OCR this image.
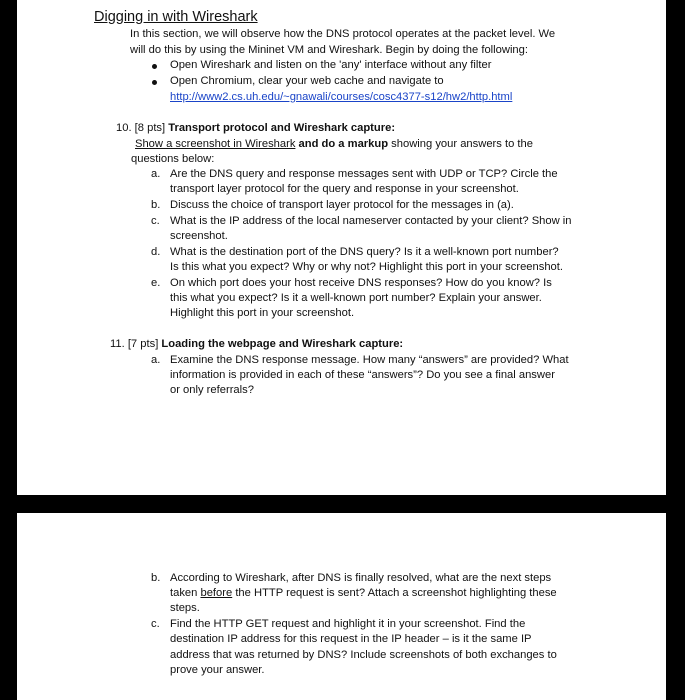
Digging in with Wireshark
In this section, we will observe how the DNS protocol operates at the packet level. We
will do this by using the Mininet VM and Wireshark. Begin by doing the following:
Open Wireshark and listen on the 'any' interface without any filter
Open Chromium, clear your web cache and navigate to
http://www2.cs.uh.edu/~gnawali/courses/cosc4377-s12/hw2/http.html
10. [8 pts] Transport protocol and Wireshark capture:
Show a screenshot in Wireshark and do a markup showing your answers to the
questions below:
a. Are the DNS query and response messages sent with UDP or TCP? Circle the
transport layer protocol for the query and response in your screenshot.
b. Discuss the choice of transport layer protocol for the messages in (a).
c. What is the IP address of the local nameserver contacted by your client? Show in
screenshot.
d. What is the destination port of the DNS query? Is it a well-known port number?
Is this what you expect? Why or why not? Highlight this port in your screenshot.
e. On which port does your host receive DNS responses? How do you know? Is
this what you expect? Is it a well-known port number? Explain your answer.
Highlight this port in your screenshot.
11. [7 pts] Loading the webpage and Wireshark capture:
a. Examine the DNS response message. How many “answers” are provided? What
information is provided in each of these “answers”? Do you see a final answer
or only referrals?
b. According to Wireshark, after DNS is finally resolved, what are the next steps
taken before the HTTP request is sent? Attach a screenshot highlighting these
steps.
c. Find the HTTP GET request and highlight it in your screenshot. Find the
destination IP address for this request in the IP header – is it the same IP
address that was returned by DNS? Include screenshots of both exchanges to
prove your answer.
